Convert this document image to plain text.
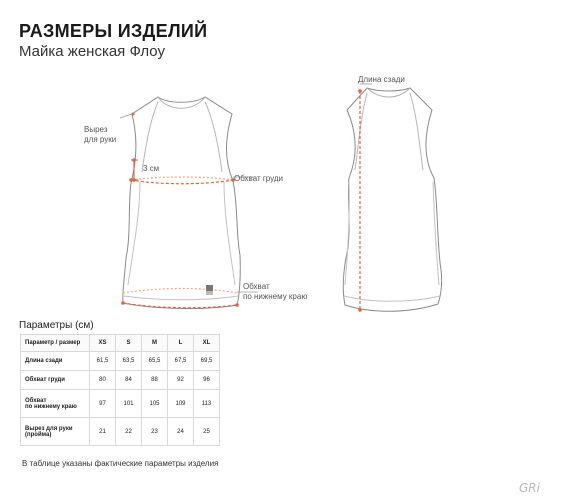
РАЗМЕРЫ ИЗДЕЛИЙ
Майка женская Флоу
Вырез
для руки
3 см
Обхват груди
Обхват
по нижнему краю
Длина сзади
Параметры (см)
Параметр / размер	XS	S	M	L	XL
Длина сзади	61,5	63,5	65,5	67,5	69,5
Обхват груди	80	84	88	92	96

Обхват
по нижнему краю	97	101	105	109	113

Вырез для руки
(пройма)	21	22	23	24	25
В таблице указаны фактические параметры изделия
GRi
